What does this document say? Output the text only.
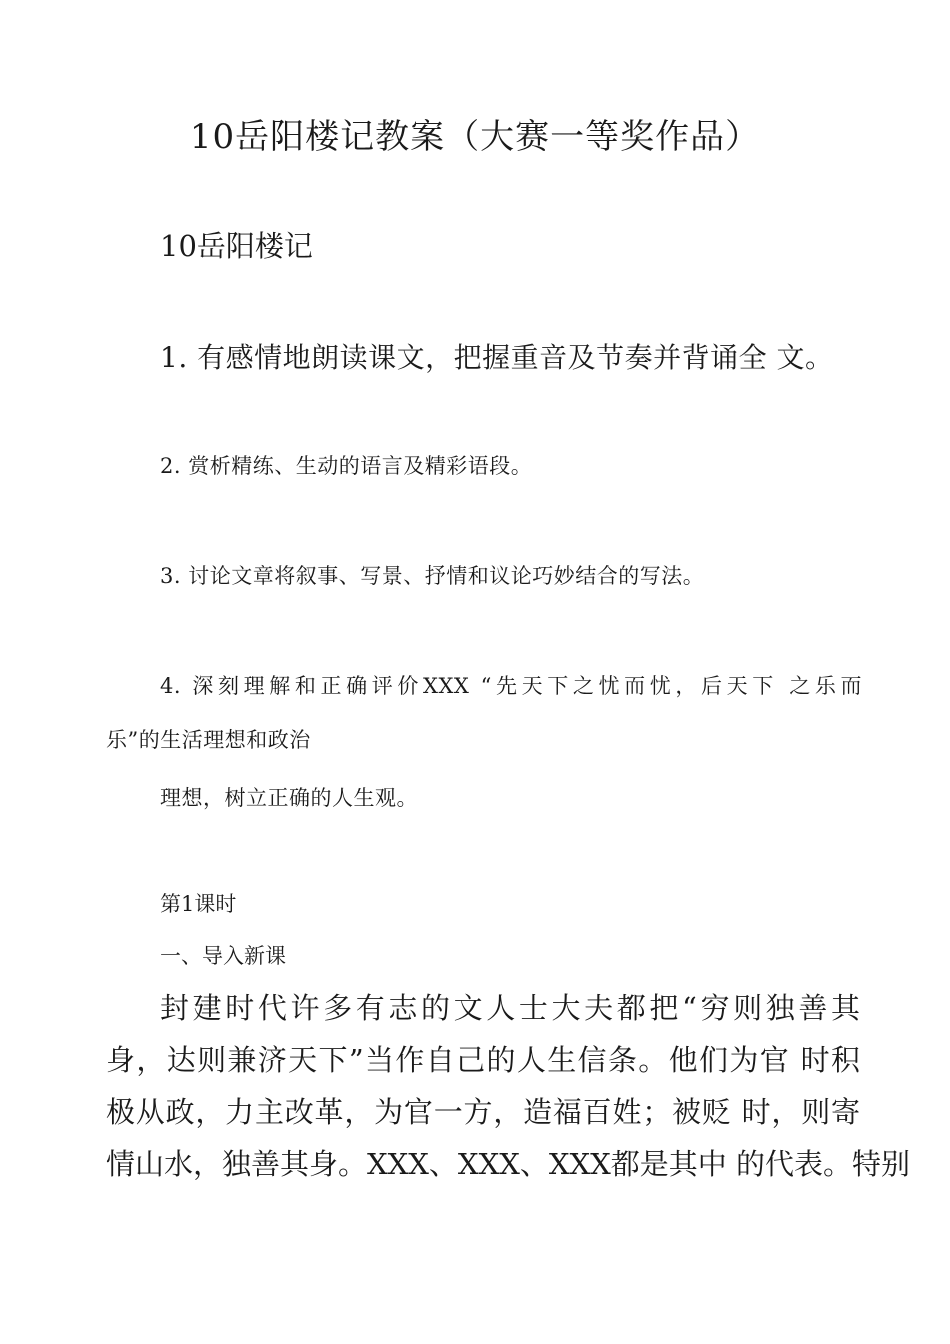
10岳阳楼记教案（大赛一等奖作品）
10岳阳楼记
1. 有感情地朗读课文，把握重音及节奏并背诵全 文。
2. 赏析精练、生动的语言及精彩语段。
3. 讨论文章将叙事、写景、抒情和议论巧妙结合的写法。
4. 深刻理解和正确评价XXX “先天下之忧而忧，后天下 之乐而
乐”的生活理想和政治
理想，树立正确的人生观。
第1课时
一、导入新课
封建时代许多有志的文人士大夫都把“穷则独善其
身，达则兼济天下”当作自己的人生信条。他们为官 时积
极从政，力主改革，为官一方，造福百姓；被贬 时，则寄
情山水，独善其身。XXX、XXX、XXX都是其中 的代表。特别
